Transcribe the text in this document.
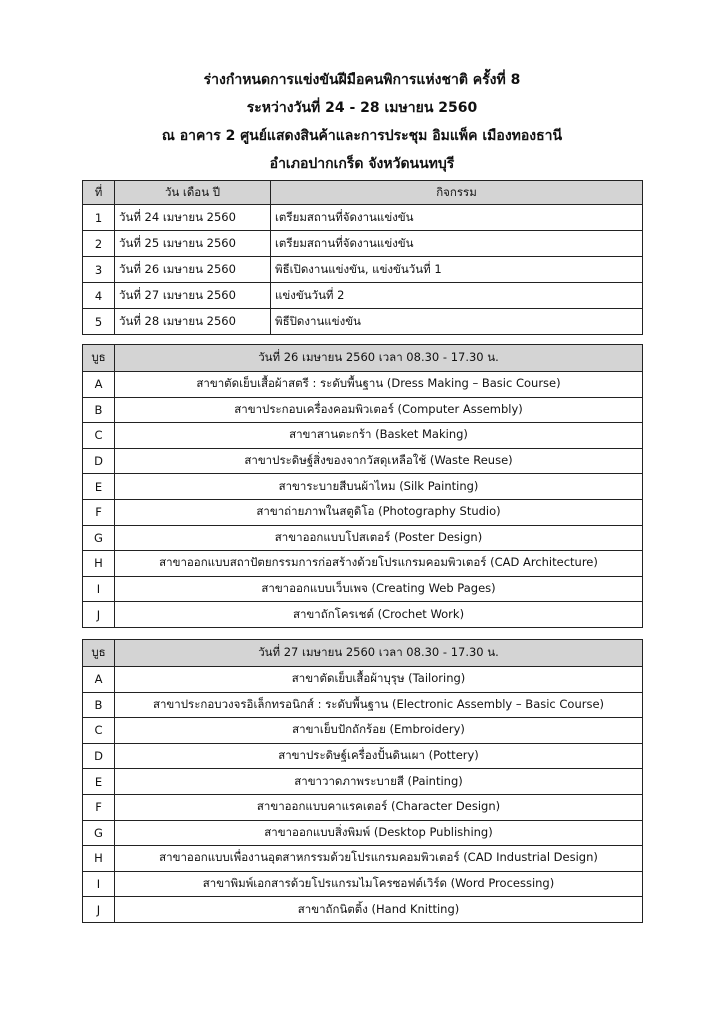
ร่างกำหนดการแข่งขันฝีมือคนพิการแห่งชาติ ครั้งที่ 8
ระหว่างวันที่ 24 - 28 เมษายน 2560
ณ อาคาร 2 ศูนย์แสดงสินค้าและการประชุม อิมแพ็ค เมืองทองธานี
อำเภอปากเกร็ด จังหวัดนนทบุรี
ที่	วัน เดือน ปี	กิจกรรม
1	วันที่ 24 เมษายน 2560	เตรียมสถานที่จัดงานแข่งขัน
2	วันที่ 25 เมษายน 2560	เตรียมสถานที่จัดงานแข่งขัน
3	วันที่ 26 เมษายน 2560	พิธีเปิดงานแข่งขัน, แข่งขันวันที่ 1
4	วันที่ 27 เมษายน 2560	แข่งขันวันที่ 2
5	วันที่ 28 เมษายน 2560	พิธีปิดงานแข่งขัน
บูธ	วันที่ 26 เมษายน 2560 เวลา 08.30 - 17.30 น.
A	สาขาตัดเย็บเสื้อผ้าสตรี : ระดับพื้นฐาน (Dress Making – Basic Course)
B	สาขาประกอบเครื่องคอมพิวเตอร์ (Computer Assembly)
C	สาขาสานตะกร้า (Basket Making)
D	สาขาประดิษฐ์สิ่งของจากวัสดุเหลือใช้ (Waste Reuse)
E	สาขาระบายสีบนผ้าไหม (Silk Painting)
F	สาขาถ่ายภาพในสตูดิโอ (Photography Studio)
G	สาขาออกแบบโปสเตอร์ (Poster Design)
H	สาขาออกแบบสถาปัตยกรรมการก่อสร้างด้วยโปรแกรมคอมพิวเตอร์ (CAD Architecture)
I	สาขาออกแบบเว็บเพจ (Creating Web Pages)
J	สาขาถักโครเชต์ (Crochet Work)
บูธ	วันที่ 27 เมษายน 2560 เวลา 08.30 - 17.30 น.
A	สาขาตัดเย็บเสื้อผ้าบุรุษ (Tailoring)
B	สาขาประกอบวงจรอิเล็กทรอนิกส์ : ระดับพื้นฐาน (Electronic Assembly – Basic Course)
C	สาขาเย็บปักถักร้อย (Embroidery)
D	สาขาประดิษฐ์เครื่องปั้นดินเผา (Pottery)
E	สาขาวาดภาพระบายสี (Painting)
F	สาขาออกแบบคาแรคเตอร์ (Character Design)
G	สาขาออกแบบสิ่งพิมพ์ (Desktop Publishing)
H	สาขาออกแบบเพื่องานอุตสาหกรรมด้วยโปรแกรมคอมพิวเตอร์ (CAD Industrial Design)
I	สาขาพิมพ์เอกสารด้วยโปรแกรมไมโครซอฟต์เวิร์ด (Word Processing)
J	สาขาถักนิตติ้ง (Hand Knitting)
